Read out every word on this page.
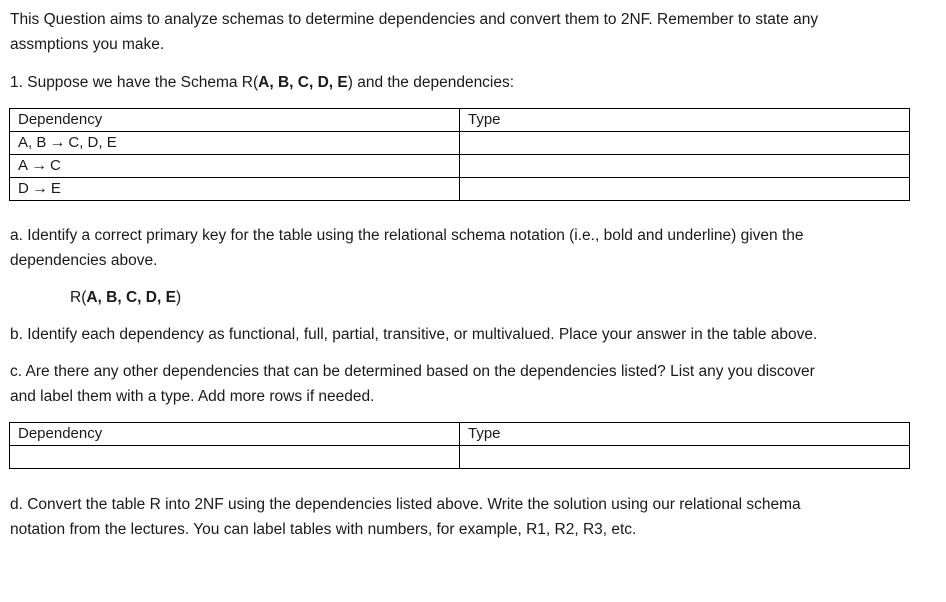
This Question aims to analyze schemas to determine dependencies and convert them to 2NF. Remember to state any
assmptions you make.

1. Suppose we have the Schema R(A, B, C, D, E) and the dependencies:

Dependency	Type
A, B → C, D, E	
A → C	
D → E	

a. Identify a correct primary key for the table using the relational schema notation (i.e., bold and underline) given the
dependencies above.

R(A, B, C, D, E)

b. Identify each dependency as functional, full, partial, transitive, or multivalued. Place your answer in the table above.

c. Are there any other dependencies that can be determined based on the dependencies listed? List any you discover
and label them with a type. Add more rows if needed.

Dependency	Type

d. Convert the table R into 2NF using the dependencies listed above. Write the solution using our relational schema
notation from the lectures. You can label tables with numbers, for example, R1, R2, R3, etc.
